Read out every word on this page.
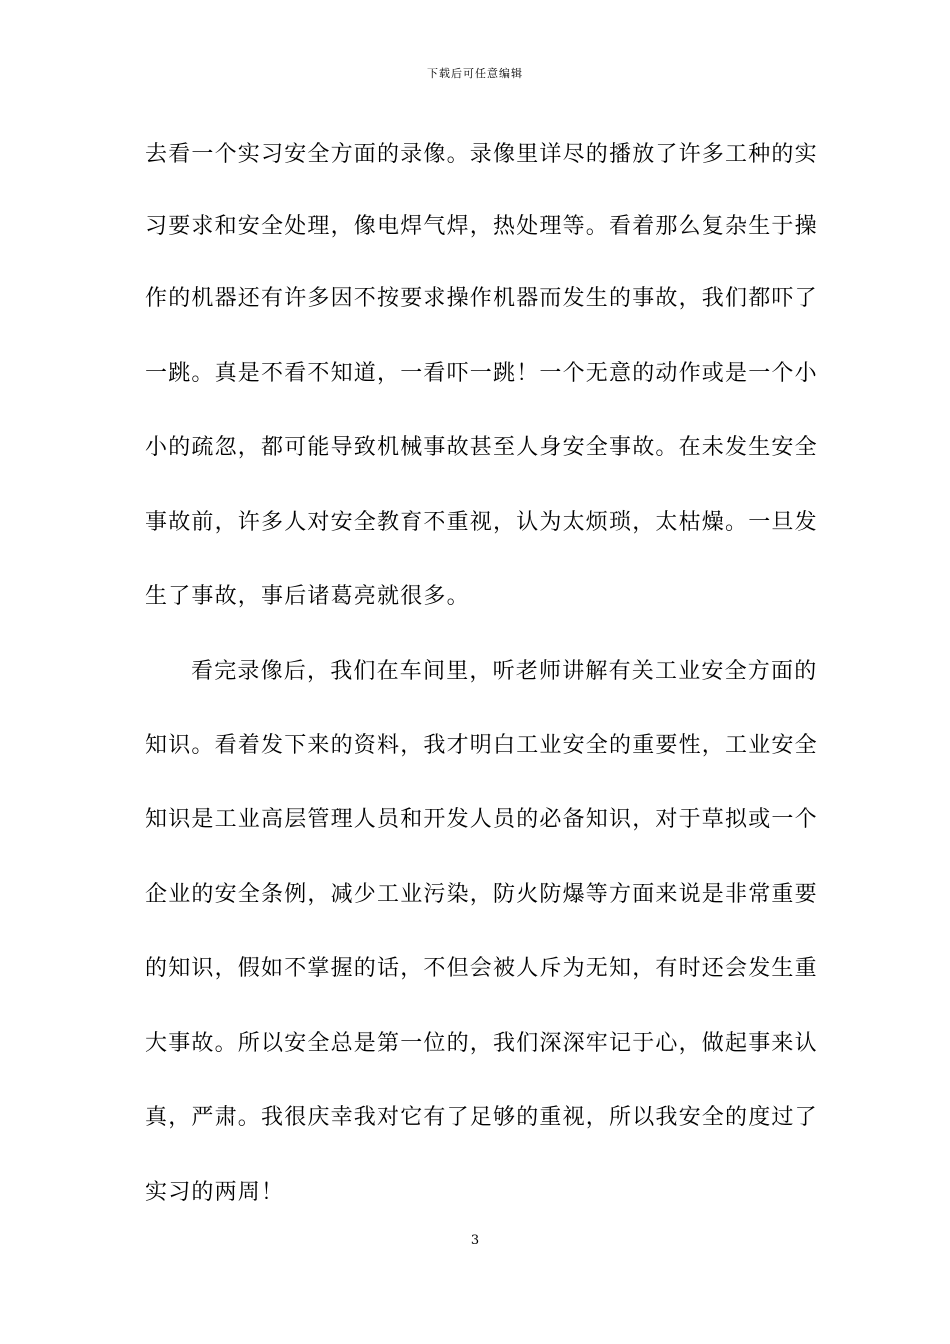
下载后可任意编辑
去看一个实习安全方面的录像。录像里详尽的播放了许多工种的实
习要求和安全处理，像电焊气焊，热处理等。看着那么复杂生于操
作的机器还有许多因不按要求操作机器而发生的事故，我们都吓了
一跳。真是不看不知道，一看吓一跳！一个无意的动作或是一个小
小的疏忽，都可能导致机械事故甚至人身安全事故。在未发生安全
事故前，许多人对安全教育不重视，认为太烦琐，太枯燥。一旦发
生了事故，事后诸葛亮就很多。
看完录像后，我们在车间里，听老师讲解有关工业安全方面的
知识。看着发下来的资料，我才明白工业安全的重要性，工业安全
知识是工业高层管理人员和开发人员的必备知识，对于草拟或一个
企业的安全条例，减少工业污染，防火防爆等方面来说是非常重要
的知识，假如不掌握的话，不但会被人斥为无知，有时还会发生重
大事故。所以安全总是第一位的，我们深深牢记于心，做起事来认
真，严肃。我很庆幸我对它有了足够的重视，所以我安全的度过了
实习的两周！
3
